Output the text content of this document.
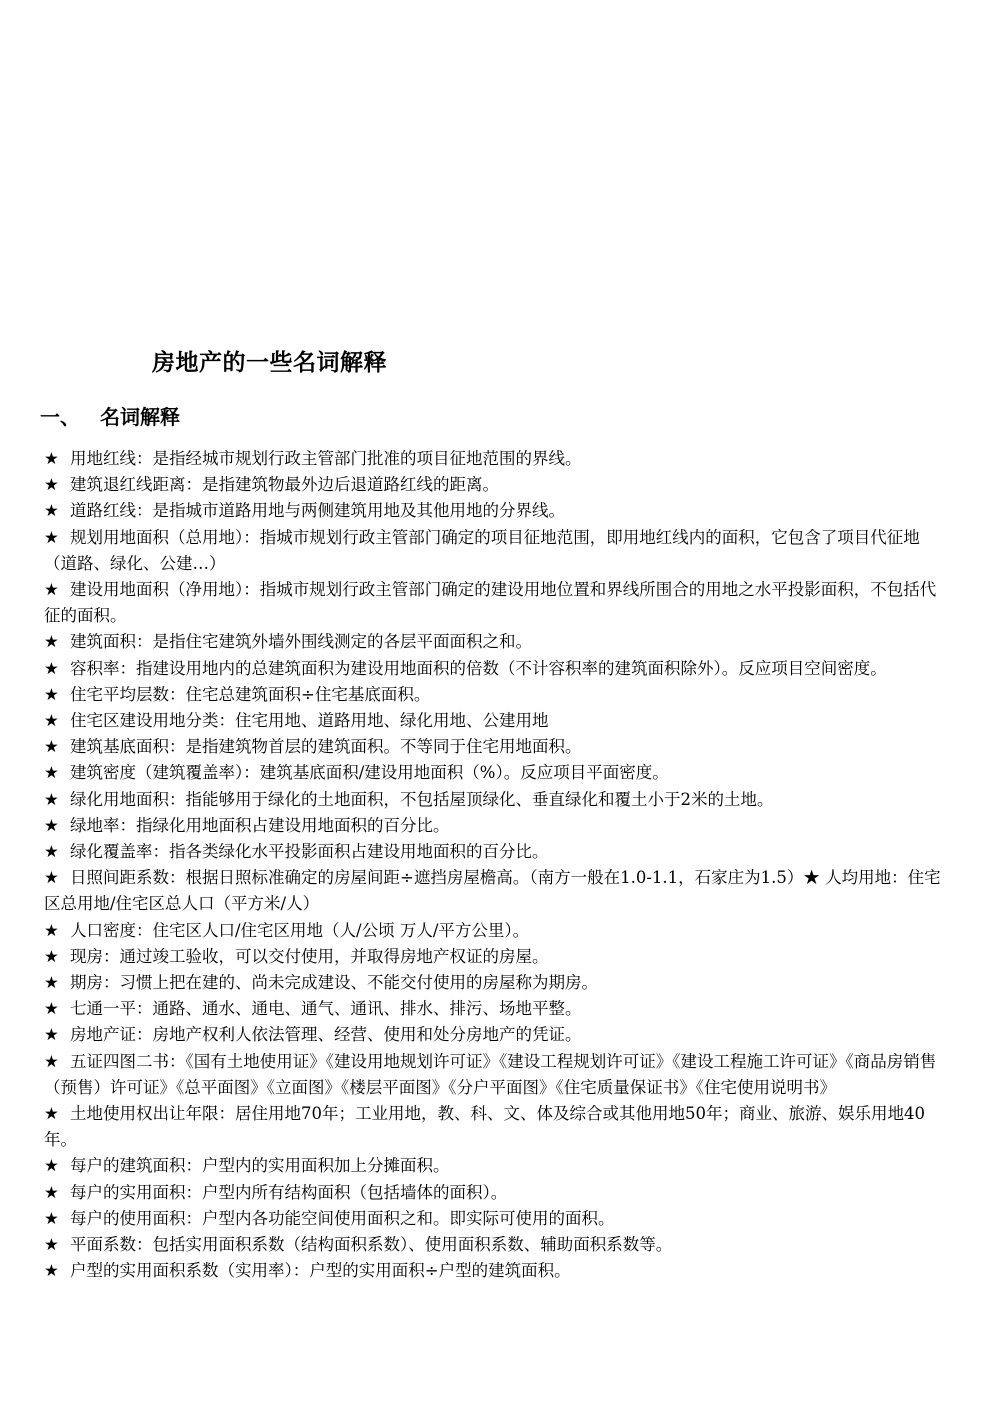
房地产的一些名词解释
一、 名词解释
★ 用地红线：是指经城市规划行政主管部门批准的项目征地范围的界线。
★ 建筑退红线距离：是指建筑物最外边后退道路红线的距离。
★ 道路红线：是指城市道路用地与两侧建筑用地及其他用地的分界线。
★ 规划用地面积（总用地）：指城市规划行政主管部门确定的项目征地范围，即用地红线内的面积，它包含了项目代征地（道路、绿化、公建…）
★ 建设用地面积（净用地）：指城市规划行政主管部门确定的建设用地位置和界线所围合的用地之水平投影面积，不包括代征的面积。
★ 建筑面积：是指住宅建筑外墙外围线测定的各层平面面积之和。
★ 容积率：指建设用地内的总建筑面积为建设用地面积的倍数（不计容积率的建筑面积除外）。反应项目空间密度。
★ 住宅平均层数：住宅总建筑面积÷住宅基底面积。
★ 住宅区建设用地分类：住宅用地、道路用地、绿化用地、公建用地
★ 建筑基底面积：是指建筑物首层的建筑面积。不等同于住宅用地面积。
★ 建筑密度（建筑覆盖率）：建筑基底面积/建设用地面积（%）。反应项目平面密度。
★ 绿化用地面积：指能够用于绿化的土地面积，不包括屋顶绿化、垂直绿化和覆土小于2米的土地。
★ 绿地率：指绿化用地面积占建设用地面积的百分比。
★ 绿化覆盖率：指各类绿化水平投影面积占建设用地面积的百分比。
★ 日照间距系数：根据日照标准确定的房屋间距÷遮挡房屋檐高。（南方一般在1.0-1.1，石家庄为1.5）★ 人均用地：住宅区总用地/住宅区总人口（平方米/人）
★ 人口密度：住宅区人口/住宅区用地（人/公顷 万人/平方公里）。
★ 现房：通过竣工验收，可以交付使用，并取得房地产权证的房屋。
★ 期房：习惯上把在建的、尚未完成建设、不能交付使用的房屋称为期房。
★ 七通一平：通路、通水、通电、通气、通讯、排水、排污、场地平整。
★ 房地产证：房地产权利人依法管理、经营、使用和处分房地产的凭证。
★ 五证四图二书：《国有土地使用证》《建设用地规划许可证》《建设工程规划许可证》《建设工程施工许可证》《商品房销售（预售）许可证》《总平面图》《立面图》《楼层平面图》《分户平面图》《住宅质量保证书》《住宅使用说明书》
★ 土地使用权出让年限：居住用地70年；工业用地，教、科、文、体及综合或其他用地50年；商业、旅游、娱乐用地40年。
★ 每户的建筑面积：户型内的实用面积加上分摊面积。
★ 每户的实用面积：户型内所有结构面积（包括墙体的面积）。
★ 每户的使用面积：户型内各功能空间使用面积之和。即实际可使用的面积。
★ 平面系数：包括实用面积系数（结构面积系数）、使用面积系数、辅助面积系数等。
★ 户型的实用面积系数（实用率）：户型的实用面积÷户型的建筑面积。
